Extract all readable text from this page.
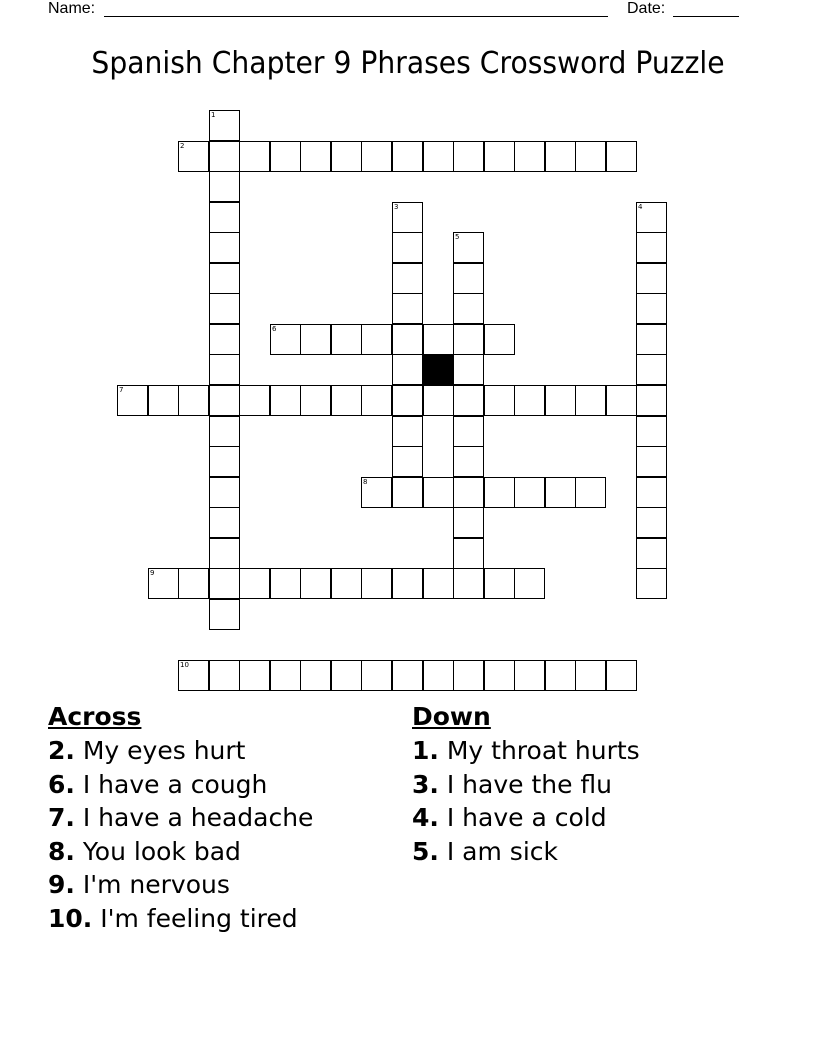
Name:	Date:
Spanish Chapter 9 Phrases Crossword Puzzle
2
6
7
8
9
10
1
3	4
5
Across
2. My eyes hurt
6. I have a cough
7. I have a headache
8. You look bad
9. I'm nervous
10. I'm feeling tired
Down
1. My throat hurts
3. I have the flu
4. I have a cold
5. I am sick
